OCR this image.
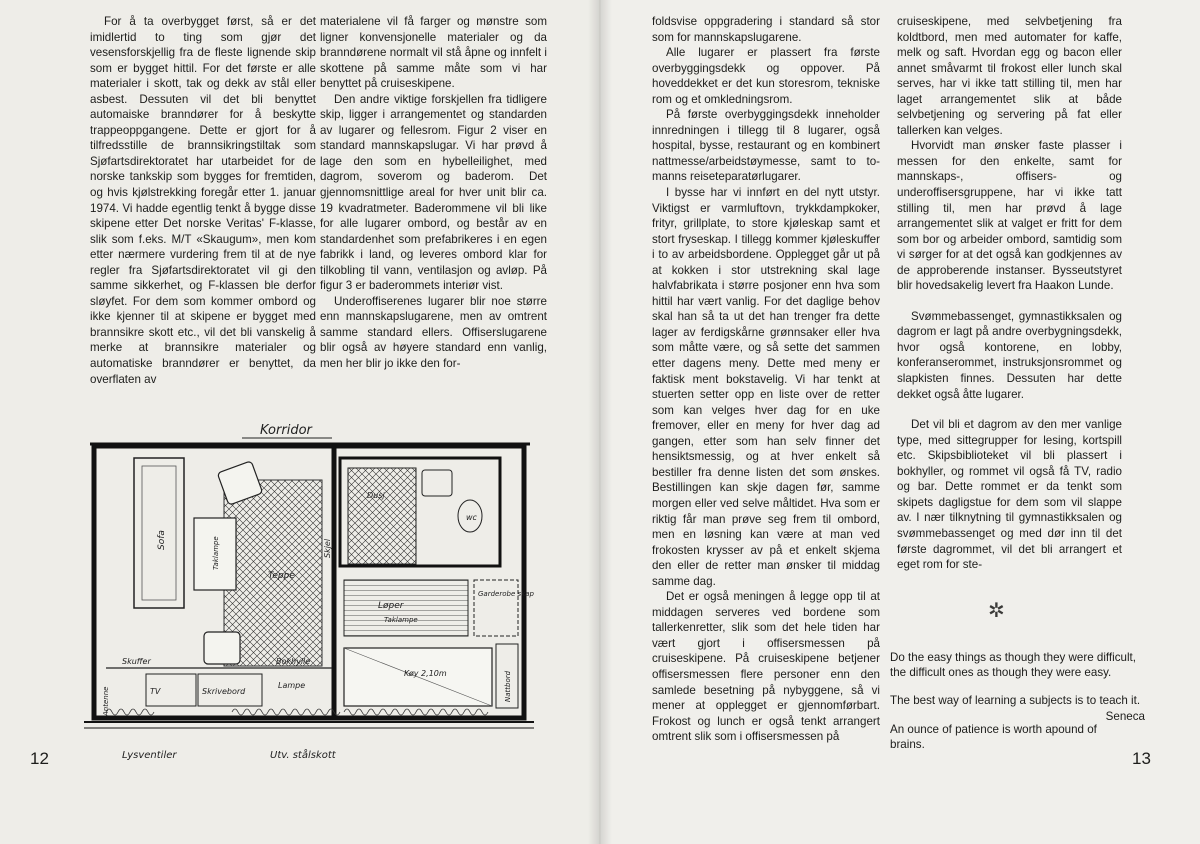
For å ta overbygget først, så er det imidlertid to ting som gjør det vesensforskjellig fra de fleste lignende skip som er bygget hittil. For det første er alle materialer i skott, tak og dekk av stål eller asbest. Dessuten vil det bli benyttet automaiske branndører for å beskytte trappeoppgangene. Dette er gjort for å tilfredsstille de brannsikringstiltak som Sjøfartsdirektoratet har utarbeidet for de norske tankskip som bygges for fremtiden, og hvis kjølstrekking foregår etter 1. januar 1974. Vi hadde egentlig tenkt å bygge disse skipene etter Det norske Veritas' F-klasse, slik som f.eks. M/T «Skaugum», men kom etter nærmere vurdering frem til at de nye regler fra Sjøfartsdirektoratet vil gi den samme sikkerhet, og F-klassen ble derfor sløyfet. For dem som kommer ombord og ikke kjenner til at skipene er bygget med brannsikre skott etc., vil det bli vanskelig å merke at brannsikre materialer og automatiske branndører er benyttet, da overflaten av

materialene vil få farger og mønstre som ligner konvensjonelle materialer og da branndørene normalt vil stå åpne og innfelt i skottene på samme måte som vi har benyttet på cruiseskipene.

Den andre viktige forskjellen fra tidligere skip, ligger i arrangementet og standarden av lugarer og fellesrom. Figur 2 viser en standard mannskapslugar. Vi har prøvd å lage den som en hybelleilighet, med dagrom, soverom og baderom. Det gjennomsnittlige areal for hver unit blir ca. 19 kvadratmeter. Baderommene vil bli like for alle lugarer ombord, og består av en standardenhet som prefabrikeres i en egen fabrikk i land, og leveres ombord klar for tilkobling til vann, ventilasjon og avløp. På figur 3 er baderommets interiør vist.

Underoffiserenes lugarer blir noe større enn mannskapslugarene, men av omtrent samme standard ellers. Offiserslugarene blir også av høyere standard enn vanlig, men her blir jo ikke den for-

Korridor
Dusj
wc
Sofa
Teppe
Taklampe	Skjel
Skuffer	Bokhylle
TV	Skrivebord
Lampe
Antenne
Løper
Taklampe
Garderobe skap
Køy 2,10m	Nattbord
Lysventiler	Utv. stålskott
12

foldsvise oppgradering i standard så stor som for mannskapslugarene.

Alle lugarer er plassert fra første overbyggingsdekk og oppover. På hoveddekket er det kun storesrom, tekniske rom og et omkledningsrom.

På første overbyggingsdekk inneholder innredningen i tillegg til 8 lugarer, også hospital, bysse, restaurant og en kombinert nattmesse/arbeidstøymesse, samt to to-manns reiseteparatørlugarer.

I bysse har vi innført en del nytt utstyr. Viktigst er varmluftovn, trykkdampkoker, frityr, grillplate, to store kjøleskap samt et stort fryseskap. I tillegg kommer kjøleskuffer i to av arbeidsbordene. Opplegget går ut på at kokken i stor utstrekning skal lage halvfabrikata i større posjoner enn hva som hittil har vært vanlig. For det daglige behov skal han så ta ut det han trenger fra dette lager av ferdigskårne grønnsaker eller hva som måtte være, og så sette det sammen etter dagens meny. Dette med meny er faktisk ment bokstavelig. Vi har tenkt at stuerten setter opp en liste over de retter som kan velges hver dag for en uke fremover, eller en meny for hver dag ad gangen, etter som han selv finner det hensiktsmessig, og at hver enkelt så bestiller fra denne listen det som ønskes. Bestillingen kan skje dagen før, samme morgen eller ved selve måltidet. Hva som er riktig får man prøve seg frem til ombord, men en løsning kan være at man ved frokosten krysser av på et enkelt skjema den eller de retter man ønsker til middag samme dag.

Det er også meningen å legge opp til at middagen serveres ved bordene som tallerkenretter, slik som det hele tiden har vært gjort i offisersmessen på cruiseskipene. På cruiseskipene betjener offisersmessen flere personer enn den samlede besetning på nybyggene, så vi mener at opplegget er gjennomførbart. Frokost og lunch er også tenkt arrangert omtrent slik som i offisersmessen på

cruiseskipene, med selvbetjening fra koldtbord, men med automater for kaffe, melk og saft. Hvordan egg og bacon eller annet småvarmt til frokost eller lunch skal serves, har vi ikke tatt stilling til, men har laget arrangementet slik at både selvbetjening og servering på fat eller tallerken kan velges.

Hvorvidt man ønsker faste plasser i messen for den enkelte, samt for mannskaps-, offisers- og underoffisersgruppene, har vi ikke tatt stilling til, men har prøvd å lage arrangementet slik at valget er fritt for dem som bor og arbeider ombord, samtidig som vi sørger for at det også kan godkjennes av de approberende instanser. Bysseutstyret blir hovedsakelig levert fra Haakon Lunde.

Svømmebassenget, gymnastikksalen og dagrom er lagt på andre overbygningsdekk, hvor også kontorene, en lobby, konferanserommet, instruksjonsrommet og slapkisten finnes. Dessuten har dette dekket også åtte lugarer.

Det vil bli et dagrom av den mer vanlige type, med sittegrupper for lesing, kortspill etc. Skipsbiblioteket vil bli plassert i bokhyller, og rommet vil også få TV, radio og bar. Dette rommet er da tenkt som skipets dagligstue for dem som vil slappe av. I nær tilknytning til gymnastikksalen og svømmebassenget og med dør inn til det første dagrommet, vil det bli arrangert et eget rom for ste-

✲

Do the easy things as though they were difficult, the difficult ones as though they were easy.

The best way of learning a subjects is to teach it.
Seneca

An ounce of patience is worth apound of brains.

13
